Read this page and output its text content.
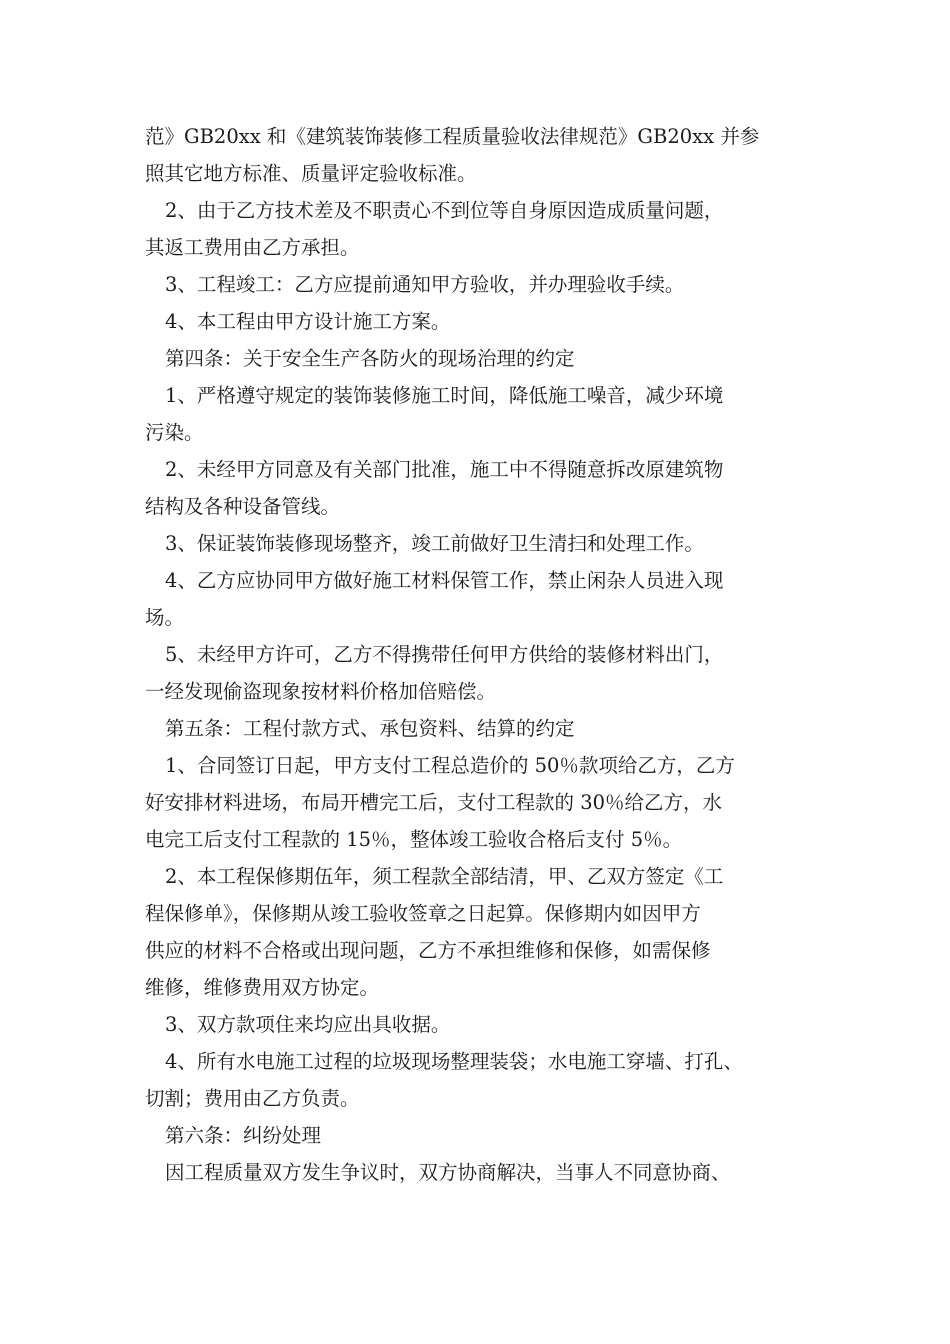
范》GB20xx 和《建筑装饰装修工程质量验收法律规范》GB20xx 并参
照其它地方标准、质量评定验收标准。
2、由于乙方技术差及不职责心不到位等自身原因造成质量问题，
其返工费用由乙方承担。
3、工程竣工：乙方应提前通知甲方验收，并办理验收手续。
4、本工程由甲方设计施工方案。
第四条：关于安全生产各防火的现场治理的约定
1、严格遵守规定的装饰装修施工时间，降低施工噪音，减少环境
污染。
2、未经甲方同意及有关部门批准，施工中不得随意拆改原建筑物
结构及各种设备管线。
3、保证装饰装修现场整齐，竣工前做好卫生清扫和处理工作。
4、乙方应协同甲方做好施工材料保管工作，禁止闲杂人员进入现
场。
5、未经甲方许可，乙方不得携带任何甲方供给的装修材料出门，
一经发现偷盗现象按材料价格加倍赔偿。
第五条：工程付款方式、承包资料、结算的约定
1、合同签订日起，甲方支付工程总造价的 50％款项给乙方，乙方
好安排材料进场，布局开槽完工后，支付工程款的 30％给乙方，水
电完工后支付工程款的 15％，整体竣工验收合格后支付 5％。
2、本工程保修期伍年，须工程款全部结清，甲、乙双方签定《工
程保修单》，保修期从竣工验收签章之日起算。保修期内如因甲方
供应的材料不合格或出现问题，乙方不承担维修和保修，如需保修
维修，维修费用双方协定。
3、双方款项住来均应出具收据。
4、所有水电施工过程的垃圾现场整理装袋；水电施工穿墙、打孔、
切割；费用由乙方负责。
第六条：纠纷处理
因工程质量双方发生争议时，双方协商解决，当事人不同意协商、
